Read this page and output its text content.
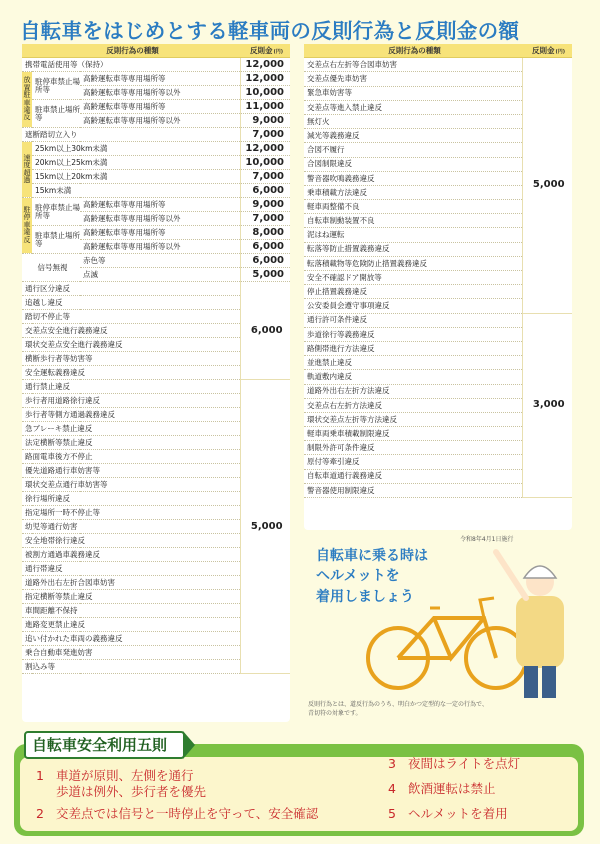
自転車をはじめとする軽車両の反則行為と反則金の額
反則行為の種類			反則金(円)
携帯電話使用等（保持）			12,000
放置駐車違反	駐停車禁止場所等	高齢運転車等専用場所等	12,000
		高齢運転車等専用場所等以外	10,000
	駐車禁止場所等	高齢運転車等専用場所等	11,000
		高齢運転車等専用場所等以外	9,000
遮断踏切立入り			7,000
速度超過	25km以上30km未満		12,000
	20km以上25km未満		10,000
	15km以上20km未満		7,000
	15km未満		6,000
駐停車違反	駐停車禁止場所等	高齢運転車等専用場所等	9,000
		高齢運転車等専用場所等以外	7,000
	駐車禁止場所等	高齢運転車等専用場所等	8,000
		高齢運転車等専用場所等以外	6,000
信号無視		赤色等	6,000
		点滅	5,000
通行区分違反			6,000
追越し違反			
踏切不停止等			
交差点安全進行義務違反			
環状交差点安全進行義務違反			
横断歩行者等妨害等			
安全運転義務違反			
通行禁止違反			5,000
歩行者用道路徐行違反			
歩行者等側方通過義務違反			
急ブレーキ禁止違反			
法定横断等禁止違反			
路面電車後方不停止			
優先道路通行車妨害等			
環状交差点通行車妨害等			
徐行場所違反			
指定場所一時不停止等			
幼児等通行妨害			
安全地帯徐行違反			
被割方通過車義務違反			
通行帯違反			
道路外出右左折合図車妨害			
指定横断等禁止違反			
車間距離不保持			
進路変更禁止違反			
追い付かれた車両の義務違反			
乗合自動車発進妨害			
割込み等			
反則行為の種類	反則金(円)
交差点右左折等合図車妨害	5,000
交差点優先車妨害	
緊急車妨害等	
交差点等進入禁止違反	
無灯火	
減光等義務違反	
合図不履行	
合図制限違反	
警音器吹鳴義務違反	
乗車積載方法違反	
軽車両整備不良	
自転車制動装置不良	
泥はね運転	
転落等防止措置義務違反	
転落積載物等危険防止措置義務違反	
安全不確認ドア開放等	
停止措置義務違反	
公安委員会遵守事項違反	
通行許可条件違反	3,000
歩道徐行等義務違反	
路側帯進行方法違反	
並進禁止違反	
軌道敷内違反	
道路外出右左折方法違反	
交差点右左折方法違反	
環状交差点左折等方法違反	
軽車両乗車積載制限違反	
制限外許可条件違反	
原付等牽引違反	
自転車道通行義務違反	
警音器使用制限違反	
令和8年4月1日施行
自転車に乗る時は
ヘルメットを
着用しましょう
反則行為とは、道反行為のうち、明白かつ定型的な一定の行為で、
青切符の対象です。
自転車安全利用五則
1 車道が原則、左側を通行
歩道は例外、歩行者を優先
2 交差点では信号と一時停止を守って、安全確認
3 夜間はライトを点灯
4 飲酒運転は禁止
5 ヘルメットを着用
